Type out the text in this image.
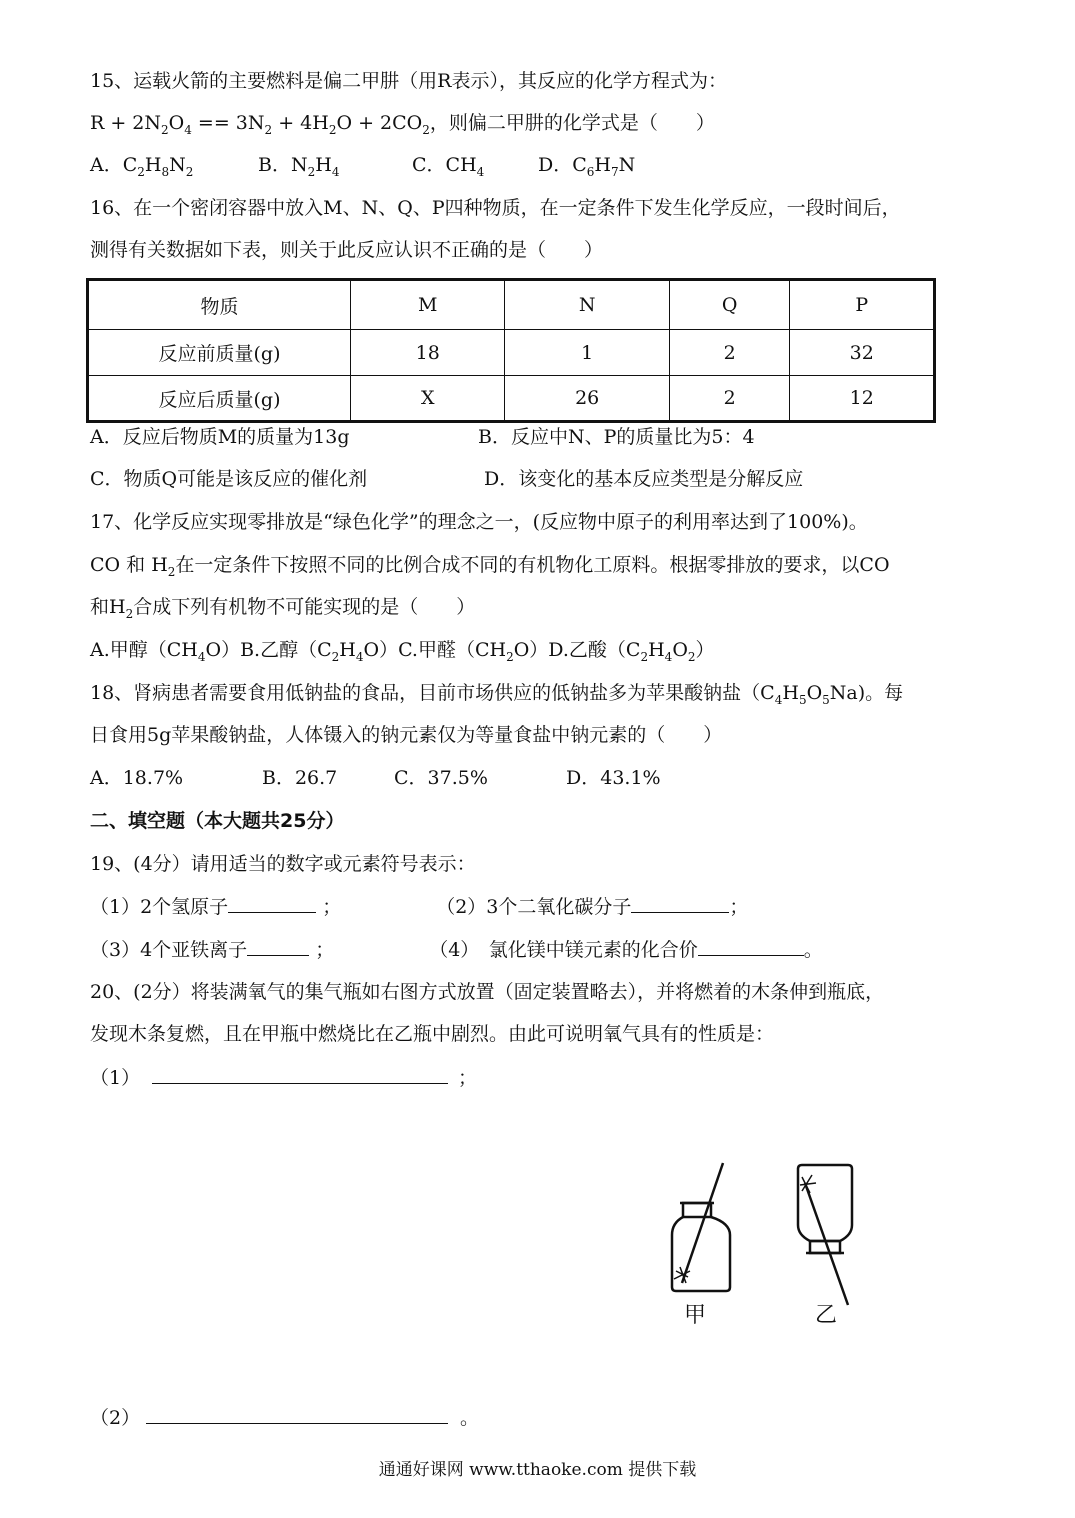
15、运载火箭的主要燃料是偏二甲肼（用R表示），其反应的化学方程式为：
$R + 2N_2O_4 == 3N_2 + 4H_2O + 2CO_2$，则偏二甲肼的化学式是（　　）
A．$C_2H_8N_2$	B．$N_2H_4$	C．$CH_4$	D．$C_6H_7N$
16、在一个密闭容器中放入M、N、Q、P四种物质，在一定条件下发生化学反应，一段时间后，
测得有关数据如下表，则关于此反应认识不正确的是（　　）
物质	M	N	Q	P
反应前质量(g)	18	1	2	32
反应后质量(g)	X	26	2	12
A．反应后物质M的质量为13g	B．反应中N、P的质量比为5：4
C．物质Q可能是该反应的催化剂	D．该变化的基本反应类型是分解反应
17、化学反应实现零排放是“绿色化学”的理念之一，(反应物中原子的利用率达到了100%)。
CO 和 $H_2$在一定条件下按照不同的比例合成不同的有机物化工原料。根据零排放的要求，以CO
和$H_2$合成下列有机物不可能实现的是（　　）
A.甲醇$(CH_4O)B$.乙醇$(C_2H_4O)C$.甲醛$(CH_2O)D$.乙酸$(C_2H_4O_2)$
18、肾病患者需要食用低钠盐的食品，目前市场供应的低钠盐多为苹果酸钠盐$(C_4H_5O_5Na)$。每
日食用5g苹果酸钠盐，人体镊入的钠元素仅为等量食盐中钠元素的（　　）
A．18.7%	B．26.7	C．37.5%	D．43.1%
二、填空题（本大题共25分）
19、(4分）请用适当的数字或元素符号表示：
（1）2个氢原子	；	（2）3个二氧化碳分子	；
（3）4个亚铁离子	；	（4）　氯化镁中镁元素的化合价	。
20、(2分）将装满氧气的集气瓶如右图方式放置（固定装置略去），并将燃着的木条伸到瓶底，
发现木条复燃，且在甲瓶中燃烧比在乙瓶中剧烈。由此可说明氧气具有的性质是：
（1）	；
甲	乙
（2）	。
通通好课网 www.tthaoke.com 提供下载
